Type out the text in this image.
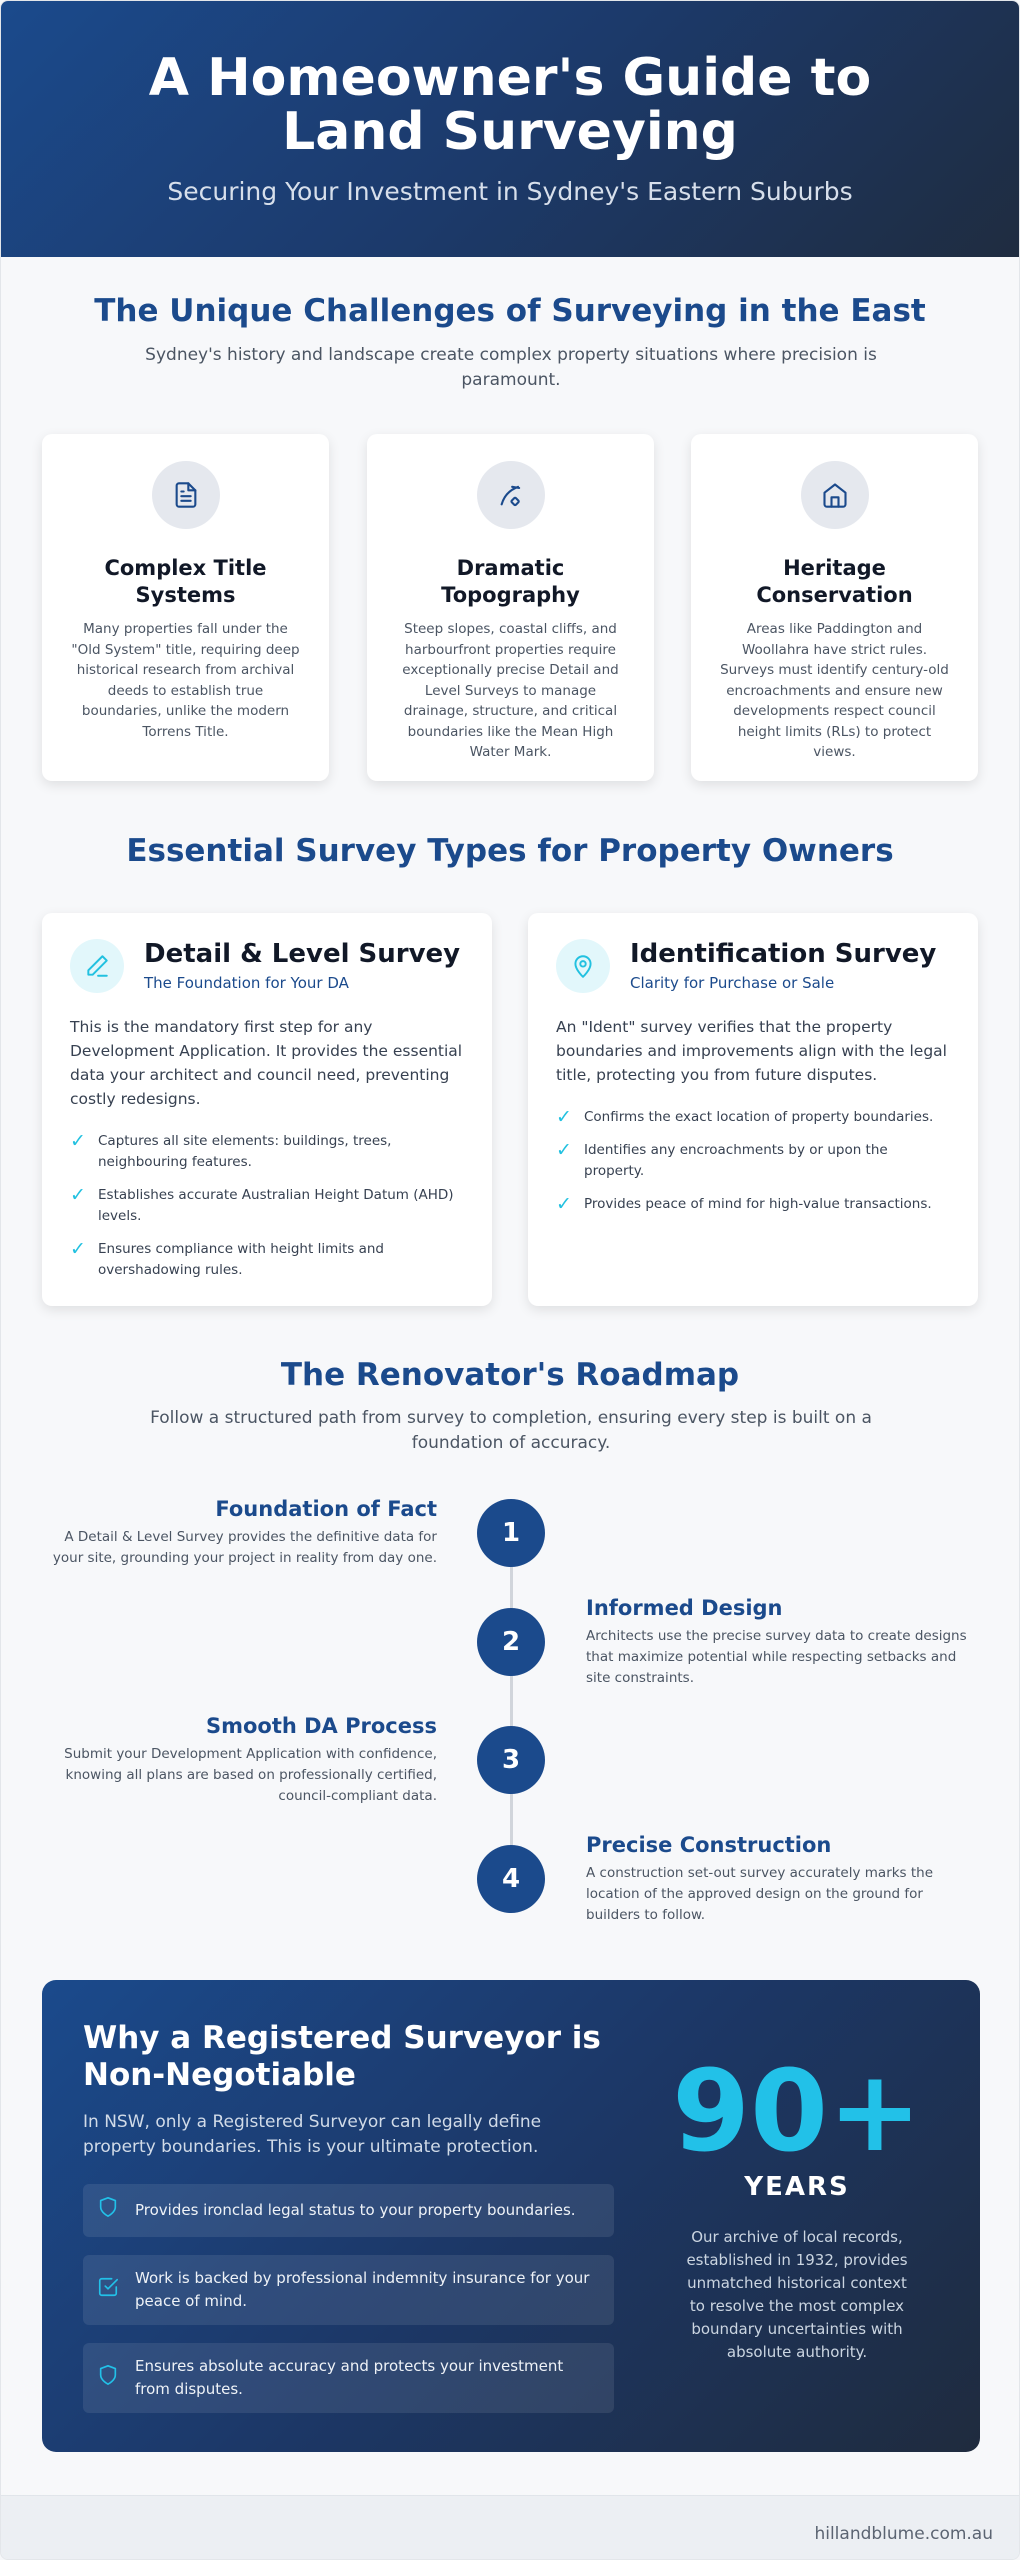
A Homeowner's Guide to Land Surveying

Securing Your Investment in Sydney's Eastern Suburbs

The Unique Challenges of Surveying in the East

Sydney's history and landscape create complex property situations where precision is paramount.

Complex Title Systems

Many properties fall under the "Old System" title, requiring deep historical research from archival deeds to establish true boundaries, unlike the modern Torrens Title.

Dramatic Topography

Steep slopes, coastal cliffs, and harbourfront properties require exceptionally precise Detail and Level Surveys to manage drainage, structure, and critical boundaries like the Mean High Water Mark.

Heritage Conservation

Areas like Paddington and Woollahra have strict rules. Surveys must identify century-old encroachments and ensure new developments respect council height limits (RLs) to protect views.

Essential Survey Types for Property Owners
Detail & Level Survey
The Foundation for Your DA

This is the mandatory first step for any Development Application. It provides the essential data your architect and council need, preventing costly redesigns.

✓ Captures all site elements: buildings, trees, neighbouring features.
✓ Establishes accurate Australian Height Datum (AHD) levels.
✓ Ensures compliance with height limits and overshadowing rules.
Identification Survey
Clarity for Purchase or Sale

An "Ident" survey verifies that the property boundaries and improvements align with the legal title, protecting you from future disputes.

✓ Confirms the exact location of property boundaries.
✓ Identifies any encroachments by or upon the property.
✓ Provides peace of mind for high-value transactions.
The Renovator's Roadmap

Follow a structured path from survey to completion, ensuring every step is built on a foundation of accuracy.

1
2
3
4
Foundation of Fact

A Detail & Level Survey provides the definitive data for your site, grounding your project in reality from day one.

Informed Design

Architects use the precise survey data to create designs that maximize potential while respecting setbacks and site constraints.

Smooth DA Process

Submit your Development Application with confidence, knowing all plans are based on professionally certified, council-compliant data.

Precise Construction

A construction set-out survey accurately marks the location of the approved design on the ground for builders to follow.

Why a Registered Surveyor is Non-Negotiable

In NSW, only a Registered Surveyor can legally define property boundaries. This is your ultimate protection.

Provides ironclad legal status to your property boundaries.
Work is backed by professional indemnity insurance for your peace of mind.
Ensures absolute accuracy and protects your investment from disputes.
90+
YEARS

Our archive of local records, established in 1932, provides unmatched historical context to resolve the most complex boundary uncertainties with absolute authority.

hillandblume.com.au
